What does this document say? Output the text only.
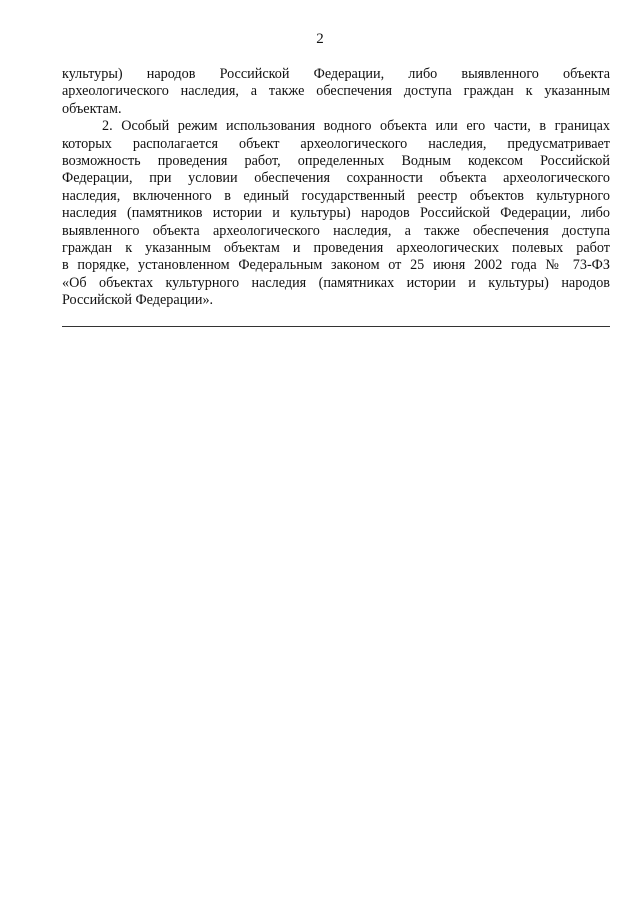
2
культуры) народов Российской Федерации, либо выявленного объекта
археологического наследия, а также обеспечения доступа граждан к указанным
объектам.
2. Особый режим использования водного объекта или его части, в границах
которых располагается объект археологического наследия, предусматривает
возможность проведения работ, определенных Водным кодексом Российской
Федерации, при условии обеспечения сохранности объекта археологического
наследия, включенного в единый государственный реестр объектов культурного
наследия (памятников истории и культуры) народов Российской Федерации, либо
выявленного объекта археологического наследия, а также обеспечения доступа
граждан к указанным объектам и проведения археологических полевых работ
в порядке, установленном Федеральным законом от 25 июня 2002 года № 73-ФЗ
«Об объектах культурного наследия (памятниках истории и культуры) народов
Российской Федерации».
